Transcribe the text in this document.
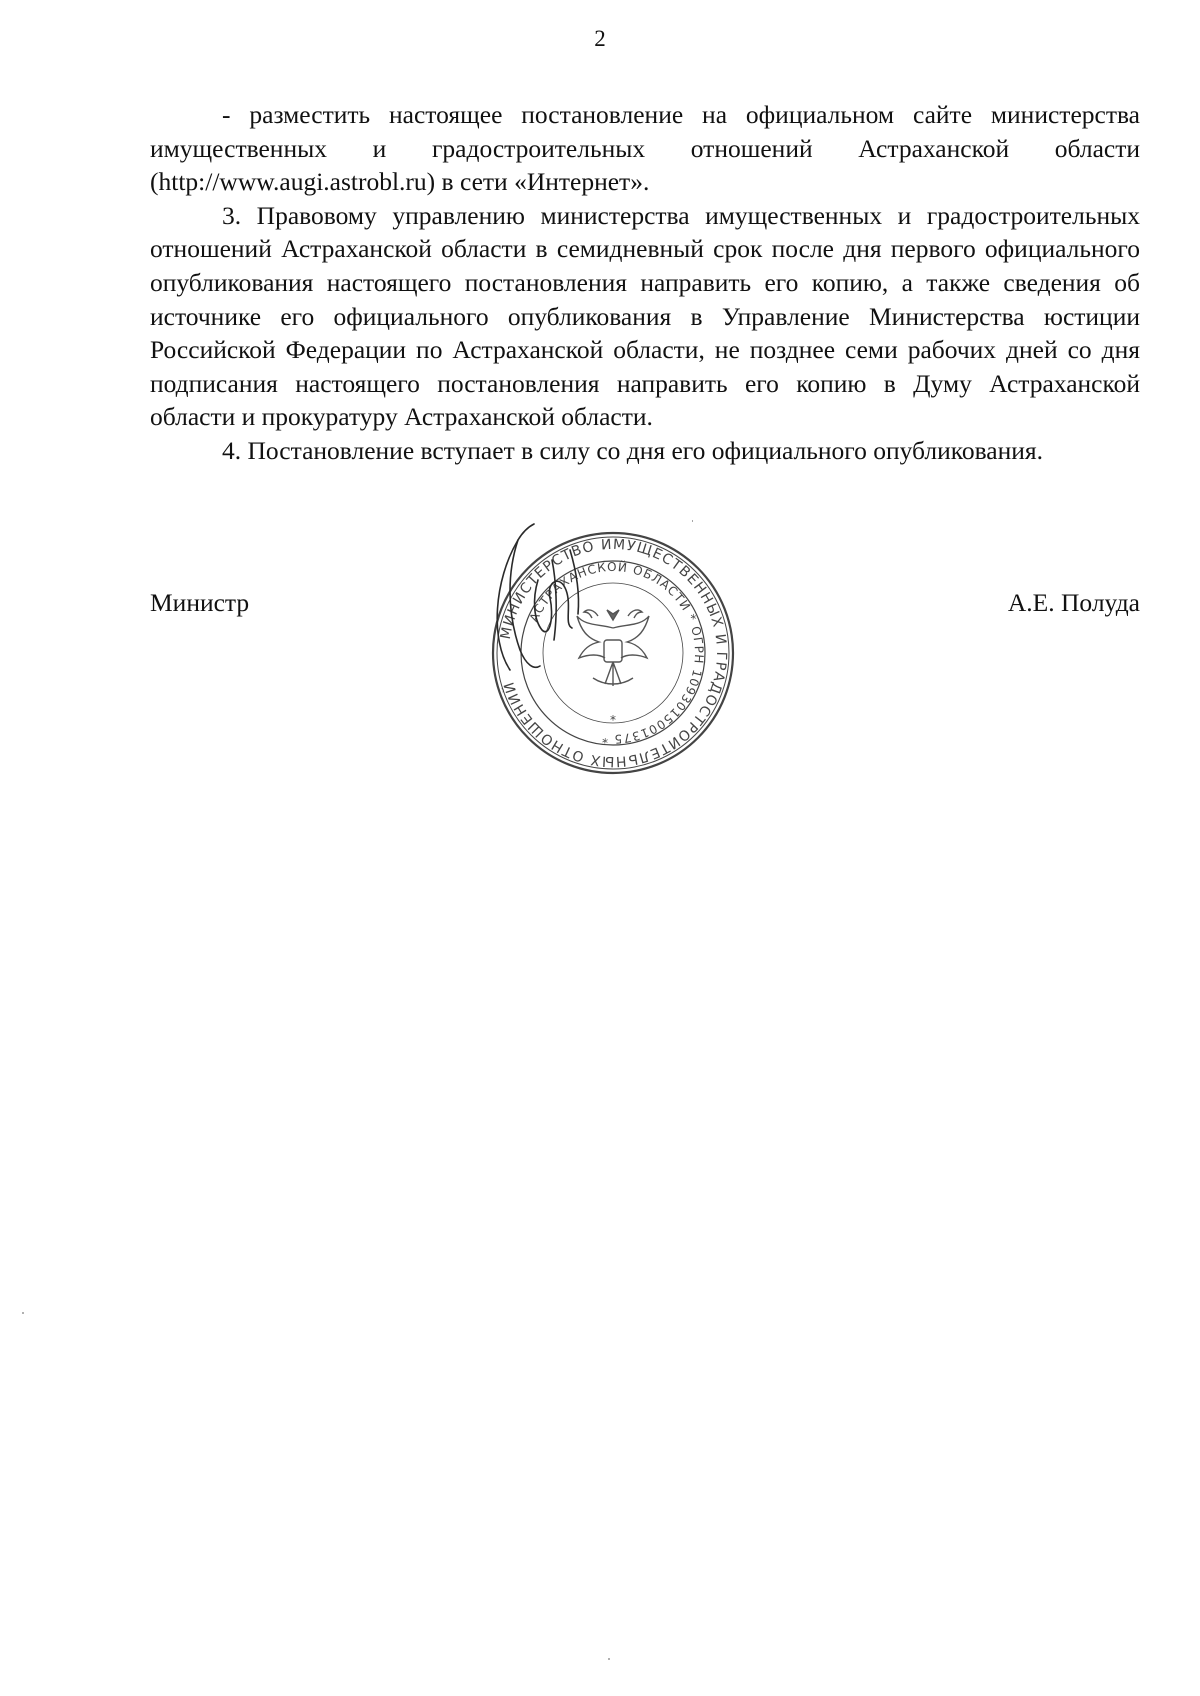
2

- разместить настоящее постановление на официальном сайте министерства имущественных и градостроительных отношений Астраханской области (http://www.augi.astrobl.ru) в сети «Интернет».

3. Правовому управлению министерства имущественных и градостроительных отношений Астраханской области в семидневный срок после дня первого официального опубликования настоящего постановления направить его копию, а также сведения об источнике его официального опубликования в Управление Министерства юстиции Российской Федерации по Астраханской области, не позднее семи рабочих дней со дня подписания настоящего постановления направить его копию в Думу Астраханской области и прокуратуру Астраханской области.

4. Постановление вступает в силу со дня его официального опубликования.

Министр	А.Е. Полуда
МИНИСТЕРСТВО ИМУЩЕСТВЕННЫХ И ГРАДОСТРОИТЕЛЬНЫХ ОТНОШЕНИЙ
АСТРАХАНСКОЙ ОБЛАСТИ * ОГРН 1093015001375 *
*
